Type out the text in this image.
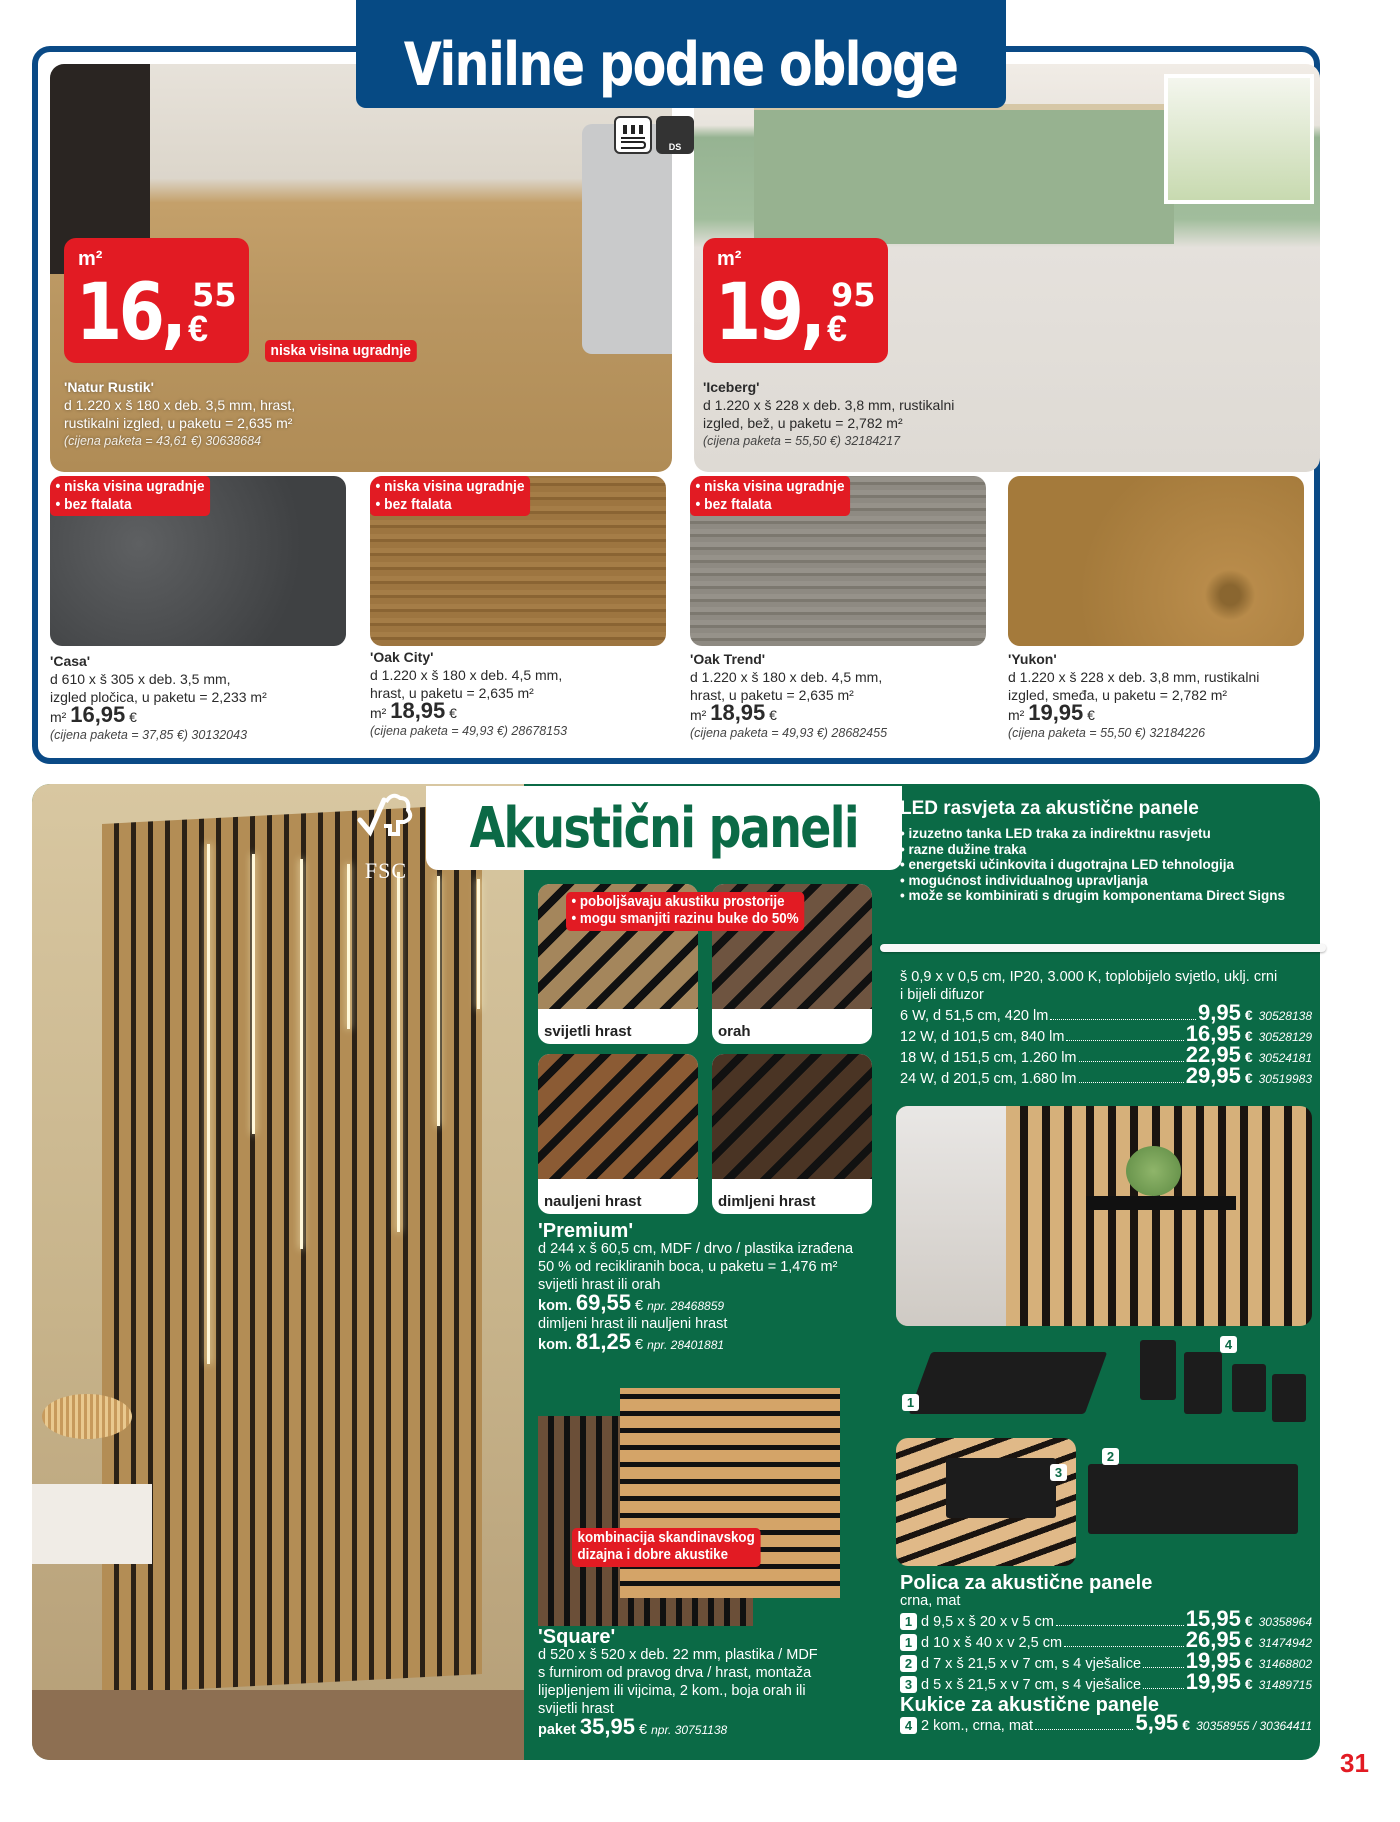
Vinilne podne obloge
m²
16, 55
€
niska visina ugradnje
'Natur Rustik'
d 1.220 x š 180 x deb. 3,5 mm, hrast,
rustikalni izgled, u paketu = 2,635 m²
(cijena paketa = 43,61 €) 30638684
DS
m²
19, 95
€
'Iceberg'
d 1.220 x š 228 x deb. 3,8 mm, rustikalni
izgled, bež, u paketu = 2,782 m²
(cijena paketa = 55,50 €) 32184217
• niska visina ugradnje
• bez ftalata
• niska visina ugradnje
• bez ftalata
• niska visina ugradnje
• bez ftalata
'Casa'
d 610 x š 305 x deb. 3,5 mm,
izgled pločica, u paketu = 2,233 m²
m² 16,95 €
(cijena paketa = 37,85 €) 30132043
'Oak City'
d 1.220 x š 180 x deb. 4,5 mm,
hrast, u paketu = 2,635 m²
m² 18,95 €
(cijena paketa = 49,93 €) 28678153
'Oak Trend'
d 1.220 x š 180 x deb. 4,5 mm,
hrast, u paketu = 2,635 m²
m² 18,95 €
(cijena paketa = 49,93 €) 28682455
'Yukon'
d 1.220 x š 228 x deb. 3,8 mm, rustikalni
izgled, smeđa, u paketu = 2,782 m²
m² 19,95 €
(cijena paketa = 55,50 €) 32184226
FSC
Akustični paneli
svijetli hrast	orah
• poboljšavaju akustiku prostorije
• mogu smanjiti razinu buke do 50%
nauljeni hrast	dimljeni hrast
'Premium'
d 244 x š 60,5 cm, MDF / drvo / plastika izrađena
50 % od recikliranih boca, u paketu = 1,476 m²
svijetli hrast ili orah
kom. 69,55 € npr. 28468859
dimljeni hrast ili nauljeni hrast
kom. 81,25 € npr. 28401881
kombinacija skandinavskog
dizajna i dobre akustike
'Square'
d 520 x š 520 x deb. 22 mm, plastika / MDF
s furnirom od pravog drva / hrast, montaža
lijepljenjem ili vijcima, 2 kom., boja orah ili
svijetli hrast
paket 35,95 € npr. 30751138
LED rasvjeta za akustične panele
• izuzetno tanka LED traka za indirektnu rasvjetu
• razne dužine traka
• energetski učinkovita i dugotrajna LED tehnologija
• mogućnost individualnog upravljanja
• može se kombinirati s drugim komponentama Direct Signs
š 0,9 x v 0,5 cm, IP20, 3.000 K, toplobijelo svjetlo, uklj. crni
i bijeli difuzor
6 W, d 51,5 cm, 420 lm	9,95 € 30528138
12 W, d 101,5 cm, 840 lm	16,95 € 30528129
18 W, d 151,5 cm, 1.260 lm	22,95 € 30524181
24 W, d 201,5 cm, 1.680 lm	29,95 € 30519983
1
4
3
2
Polica za akustične panele
crna, mat
1 d 9,5 x š 20 x v 5 cm	15,95 € 30358964
1 d 10 x š 40 x v 2,5 cm	26,95 € 31474942
2 d 7 x š 21,5 x v 7 cm, s 4 vješalice 19,95 € 31468802
3 d 5 x š 21,5 x v 7 cm, s 4 vješalice 19,95 € 31489715
Kukice za akustične panele
4 2 kom., crna, mat	5,95 € 30358955 / 30364411
31
